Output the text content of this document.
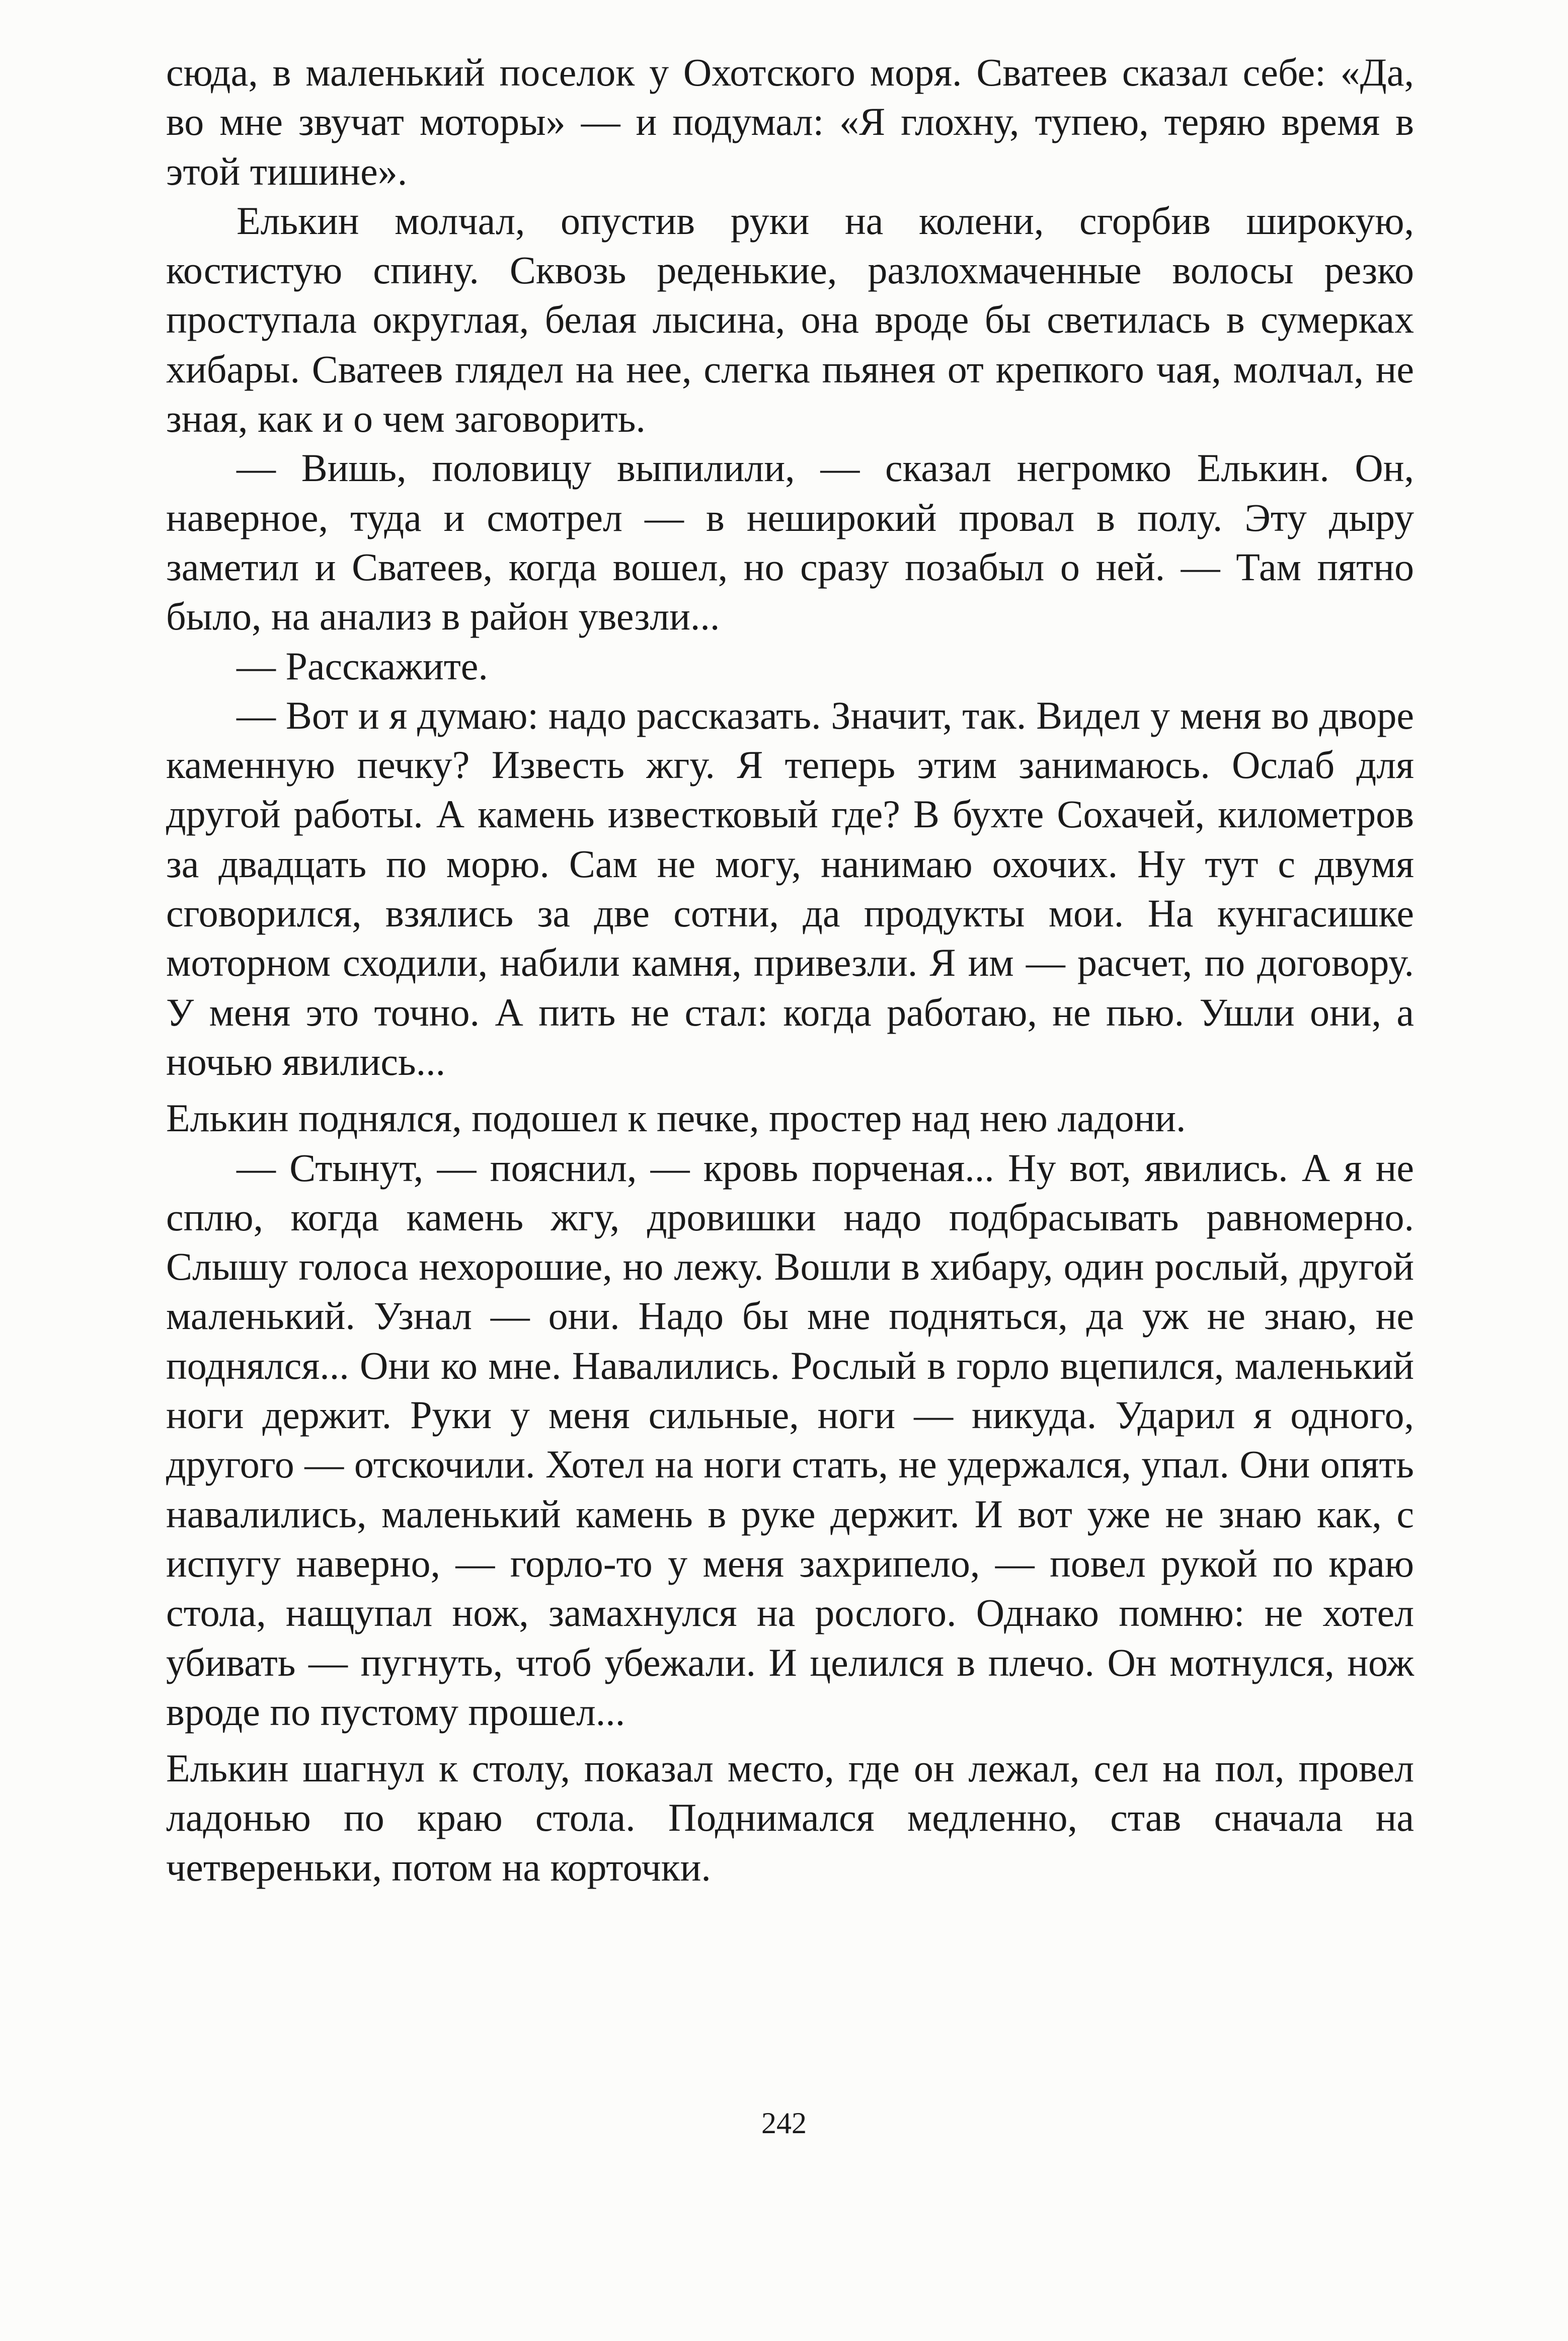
сюда, в маленький поселок у Охотского моря. Сватеев сказал себе: «Да, во мне звучат моторы» — и подумал: «Я глохну, тупею, теряю время в этой тишине».

Елькин молчал, опустив руки на колени, сгорбив широкую, костистую спину. Сквозь реденькие, разлохмаченные волосы резко проступала округлая, белая лысина, она вроде бы светилась в сумерках хибары. Сватеев глядел на нее, слегка пьянея от крепкого чая, молчал, не зная, как и о чем заговорить.

— Вишь, половицу выпилили, — сказал негромко Елькин. Он, наверное, туда и смотрел — в неширокий провал в полу. Эту дыру заметил и Сватеев, когда вошел, но сразу позабыл о ней. — Там пятно было, на анализ в район увезли...

— Расскажите.

— Вот и я думаю: надо рассказать. Значит, так. Видел у меня во дворе каменную печку? Известь жгу. Я теперь этим занимаюсь. Ослаб для другой работы. А камень известковый где? В бухте Сохачей, километров за двадцать по морю. Сам не могу, нанимаю охочих. Ну тут с двумя сговорился, взялись за две сотни, да продукты мои. На кунгасишке моторном сходили, набили камня, привезли. Я им — расчет, по договору. У меня это точно. А пить не стал: когда работаю, не пью. Ушли они, а ночью явились...

Елькин поднялся, подошел к печке, простер над нею ладони.

— Стынут, — пояснил, — кровь порченая... Ну вот, явились. А я не сплю, когда камень жгу, дровишки надо подбрасывать равномерно. Слышу голоса нехорошие, но лежу. Вошли в хибару, один рослый, другой маленький. Узнал — они. Надо бы мне подняться, да уж не знаю, не поднялся... Они ко мне. Навалились. Рослый в горло вцепился, маленький ноги держит. Руки у меня сильные, ноги — никуда. Ударил я одного, другого — отскочили. Хотел на ноги стать, не удержался, упал. Они опять навалились, маленький камень в руке держит. И вот уже не знаю как, с испугу наверно, — горло-то у меня захрипело, — повел рукой по краю стола, нащупал нож, замахнулся на рослого. Однако помню: не хотел убивать — пугнуть, чтоб убежали. И целился в плечо. Он мотнулся, нож вроде по пустому прошел...

Елькин шагнул к столу, показал место, где он лежал, сел на пол, провел ладонью по краю стола. Поднимался медленно, став сначала на четвереньки, потом на корточки.

242
